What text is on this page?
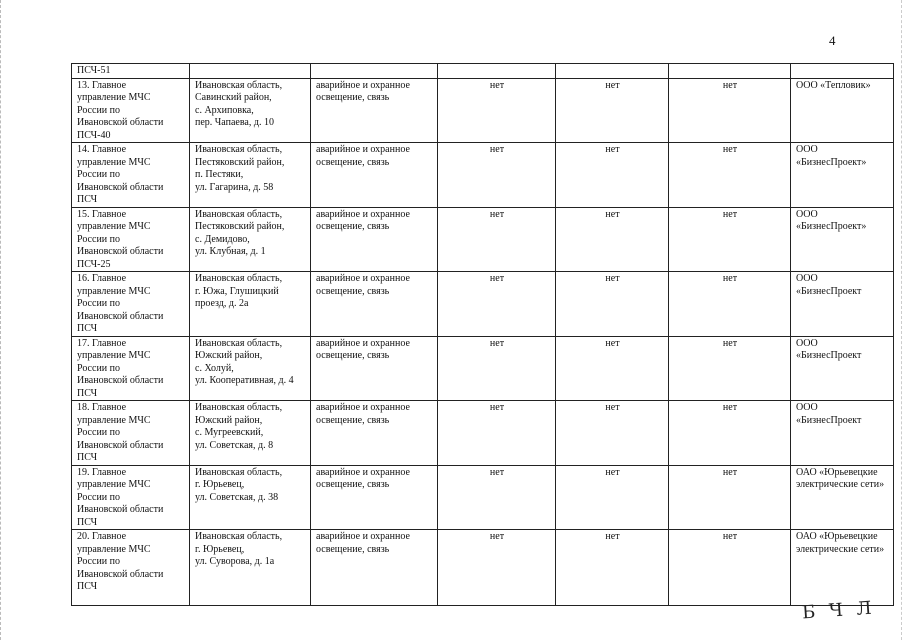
4
ПСЧ-51						

13. Главное
управление МЧС
России по
Ивановской области
ПСЧ-40	Ивановская область,
Савинский район,
с. Архиповка,
пер. Чапаева, д. 10	аварийное и охранное
освещение, связь	нет	нет	нет	ООО «Тепловик»

14. Главное
управление МЧС
России по
Ивановской области
ПСЧ	Ивановская область,
Пестяковский район,
п. Пестяки,
ул. Гагарина, д. 58	аварийное и охранное
освещение, связь	нет	нет	нет	ООО
«БизнесПроект»

15. Главное
управление МЧС
России по
Ивановской области
ПСЧ-25	Ивановская область,
Пестяковский район,
с. Демидово,
ул. Клубная, д. 1	аварийное и охранное
освещение, связь	нет	нет	нет	ООО
«БизнесПроект»

16. Главное
управление МЧС
России по
Ивановской области
ПСЧ	Ивановская область,
г. Южа, Глушицкий
проезд, д. 2а	аварийное и охранное
освещение, связь	нет	нет	нет	ООО
«БизнесПроект

17. Главное
управление МЧС
России по
Ивановской области
ПСЧ	Ивановская область,
Южский район,
с. Холуй,
ул. Кооперативная, д. 4	аварийное и охранное
освещение, связь	нет	нет	нет	ООО
«БизнесПроект

18. Главное
управление МЧС
России по
Ивановской области
ПСЧ	Ивановская область,
Южский район,
с. Мугреевский,
ул. Советская, д. 8	аварийное и охранное
освещение, связь	нет	нет	нет	ООО
«БизнесПроект

19. Главное
управление МЧС
России по
Ивановской области
ПСЧ	Ивановская область,
г. Юрьевец,
ул. Советская, д. 38	аварийное и охранное
освещение, связь	нет	нет	нет	ОАО «Юрьевецкие
электрические сети»

20. Главное
управление МЧС
России по
Ивановской области
ПСЧ	Ивановская область,
г. Юрьевец,
ул. Суворова, д. 1а	аварийное и охранное
освещение, связь	нет	нет	нет	ОАО «Юрьевецкие
электрические сети»
Б Ч Л
